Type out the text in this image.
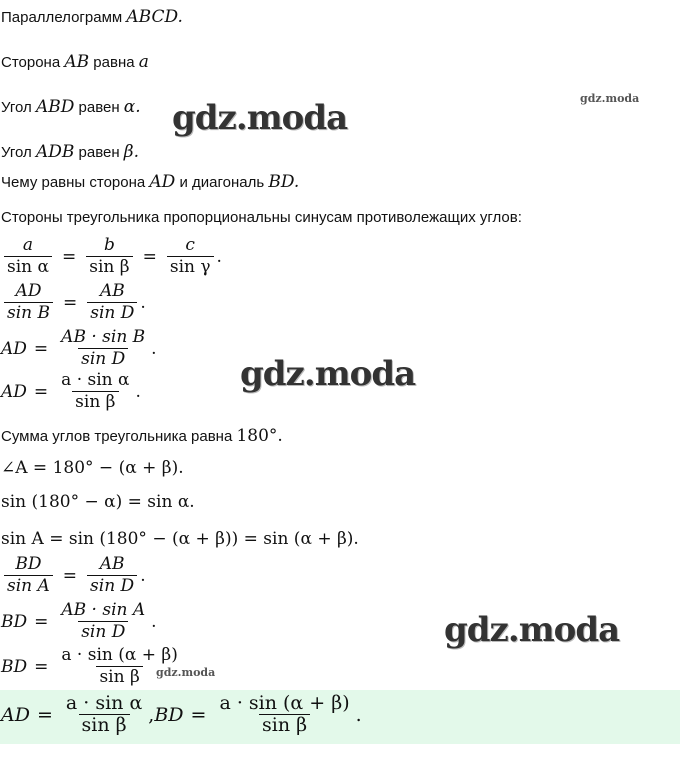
Параллелограмм ABCD.
Сторона AB равна a
Угол ABD равен α.
Угол ADB равен β.
Чему равны сторона AD и диагональ BD.
Стороны треугольника пропорциональны синусам противолежащих углов:
$\frac{a}{\text{sin α}} = \frac{b}{\text{sin β}} = \frac{c}{\text{sin γ}}$ .
$\frac{AD}{\text{sin B}} = \frac{AB}{\text{sin D}}$ .
AD = $\frac{\text{AB · sin B}}{\text{sin D}}$ .
AD = $\frac{\text{a · sin α}}{\text{sin β}}$ .
Сумма углов треугольника равна 180°.
∠A = 180° − (α + β).
sin (180° − α) = sin α.
sin A = sin (180° − (α + β)) = sin (α + β).
$\frac{BD}{\text{sin A}} = \frac{AB}{\text{sin D}}$ .
BD = $\frac{\text{AB · sin A}}{\text{sin D}}$ .
BD = $\frac{a \cdot \sin (\alpha + \beta)}{\text{sin β}}$
AD = $\frac{\text{a · sin α}}{\text{sin β}}$ , BD = $\frac{a \cdot \sin (\alpha + \beta)}{\text{sin β}}$ .
gdz.moda
gdz.moda
gdz.moda
gdz.moda
gdz.moda
